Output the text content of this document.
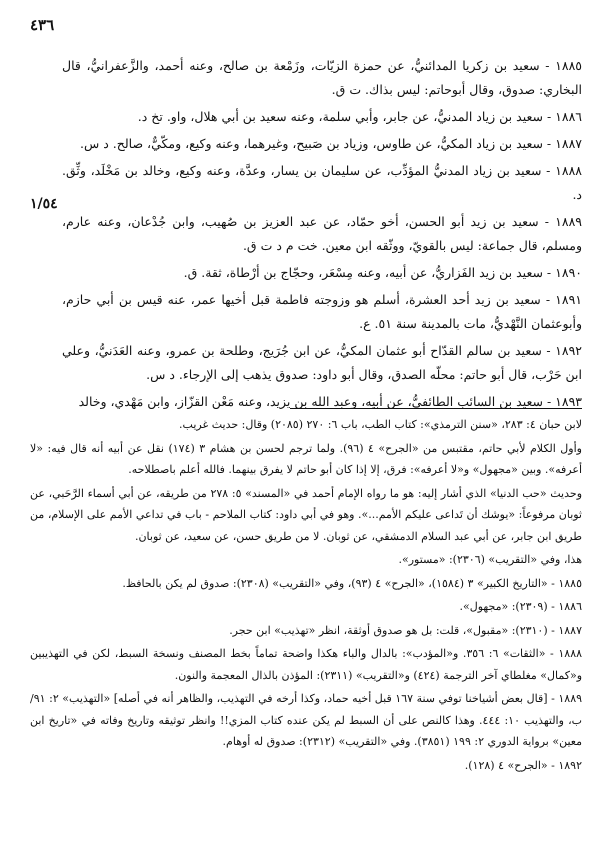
٤٣٦
١/٥٤

١٨٨٥ - سعيد بن زكريا المدائنيُّ، عن حمزة الزيّات، وزَمْعة بن صالح، وعنه أحمد، والزَّعفرانيُّ، قال البخاري: صدوق، وقال أبوحاتم: ليس بذاك. ت ق.

١٨٨٦ - سعيد بن زياد المدنيُّ، عن جابر، وأبي سلمة، وعنه سعيد بن أبي هلال، واو. تخ د.

١٨٨٧ - سعيد بن زياد المكيُّ، عن طاوس، وزياد بن صَبيح، وغيرهما، وعنه وكيع، ومكّيٌّ، صالح. د س.

١٨٨٨ - سعيد بن زياد المدنيُّ المؤدِّب، عن سليمان بن يسار، وعدَّة، وعنه وكيع، وخالد بن مَخْلَد، وثِّق. د.

١٨٨٩ - سعيد بن زيد أبو الحسن، أخو حمّاد، عن عبد العزيز بن صُهيب، وابن جُدْعان، وعنه عارم، ومسلم، قال جماعة: ليس بالقويّ، ووثّقه ابن معين. خت م د ت ق.

١٨٩٠ - سعيد بن زيد الفَزاريُّ، عن أبيه، وعنه مِسْعَر، وحجّاج بن أرْطاة، ثقة. ق.

١٨٩١ - سعيد بن زيد أحد العشرة، أسلم هو وزوجته فاطمة قبل أخيها عمر، عنه قيس بن أبي حازم، وأبوعثمان النَّهْديُّ، مات بالمدينة سنة ٥١. ع.

١٨٩٢ - سعيد بن سالم القدّاح أبو عثمان المكيُّ، عن ابن جُرَيج، وطلحة بن عمرو، وعنه العَدَنيُّ، وعلي ابن حَرْب، قال أبو حاتم: محلّه الصدق، وقال أبو داود: صدوق يذهب إلى الإرجاء. د س.

١٨٩٣ - سعيد بن السائب الطائفيُّ، عن أبيه، وعبد الله بن يزيد، وعنه مَعْن القزّاز، وابن مَهْدي، وخالد

لابن حبان ٤: ٢٨٣، «سنن الترمذي»: كتاب الطب، باب ٦: ٢٧٠ (٢٠٨٥) وقال: حديث غريب.

وأول الكلام لأبي حاتم، مقتبس من «الجرح» ٤ (٩٦). ولما ترجم لحسن بن هشام ٣ (١٧٤) نقل عن أبيه أنه قال فيه: «لا أعرفه». وبين «مجهول» و«لا أعرفه»: فرق، إلا إذا كان أبو حاتم لا يفرق بينهما. فالله أعلم باصطلاحه.

وحديث «حب الدنيا» الذي أشار إليه: هو ما رواه الإمام أحمد في «المسند» ٥: ٢٧٨ من طريقه، عن أبي أسماء الرَّحَبي، عن ثوبان مرفوعاً: «يوشك أن تَداعى عليكم الأمم...». وهو في أبي داود: كتاب الملاحم - باب في تداعي الأمم على الإسلام، من طريق ابن جابر، عن أبي عبد السلام الدمشقي، عن ثوبان. لا من طريق حسن، عن سعيد، عن ثوبان.

هذا، وفي «التقريب» (٢٣٠٦): «مستور».

١٨٨٥ - «التاريخ الكبير» ٣ (١٥٨٤)، «الجرح» ٤ (٩٣)، وفي «التقريب» (٢٣٠٨): صدوق لم يكن بالحافظ.

١٨٨٦ - (٢٣٠٩): «مجهول».

١٨٨٧ - (٢٣١٠): «مقبول»، قلت: بل هو صدوق أوثقة، انظر «تهذيب» ابن حجر.

١٨٨٨ - «الثقات» ٦: ٣٥٦. و«المؤدب»: بالدال والباء هكذا واضحة تماماً بخط المصنف ونسخة السبط، لكن في التهذيبين و«كمال» مغلطاي آخر الترجمة (٤٢٤) و«التقريب» (٢٣١١): المؤذن بالذال المعجمة والنون.

١٨٨٩ - [قال بعض أشياخنا توفي سنة ١٦٧ قبل أخيه حماد، وكذا أرخه في التهذيب، والظاهر أنه في أصله] «التهذيب» ٢: ٩١/ب، والتهذيب ١٠: ٤٤٤. وهذا كالنص على أن السبط لم يكن عنده كتاب المزي!! وانظر توثيقه وتاريخ وفاته في «تاريخ ابن معين» برواية الدوري ٢: ١٩٩ (٣٨٥١). وفي «التقريب» (٢٣١٢): صدوق له أوهام.

١٨٩٢ - «الجرح» ٤ (١٢٨).
